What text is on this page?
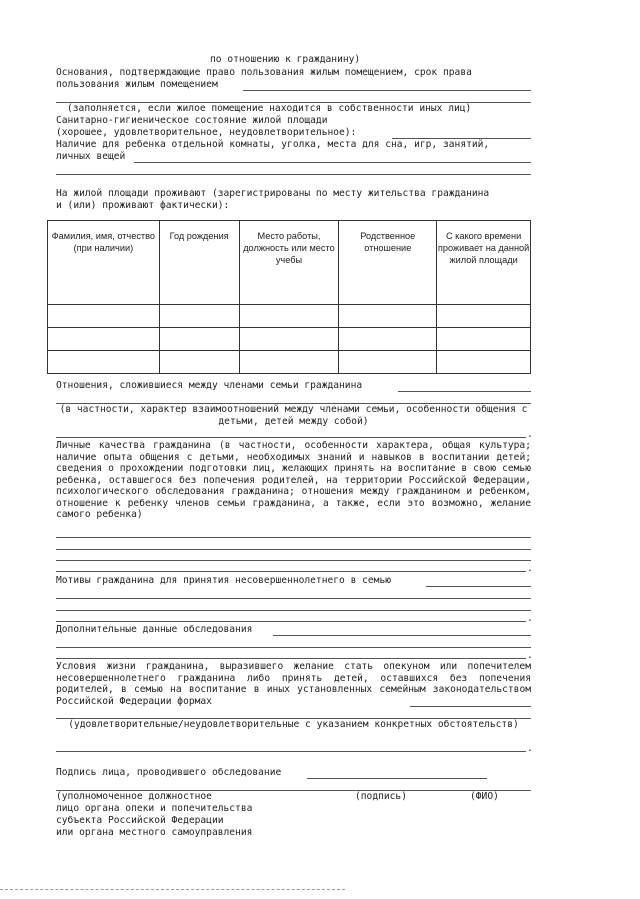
по отношению к гражданину)
Основания, подтверждающие право пользования жилым помещением, срок права
пользования жилым помещением
(заполняется, если жилое помещение находится в собственности иных лиц)
Санитарно-гигиеническое состояние жилой площади
(хорошее, удовлетворительное, неудовлетворительное):
Наличие для ребенка отдельной комнаты, уголка, места для сна, игр, занятий,
личных вещей
На жилой площади проживают (зарегистрированы по месту жительства гражданина
и (или) проживают фактически):
Фамилия, имя, отчество (при наличии)	Год рождения	Место работы, должность или место учебы	Родственное отношение	С какого времени проживает на данной жилой площади

Отношения, сложившиеся между членами семьи гражданина
(в частности, характер взаимоотношений между членами семьи, особенности общения с детьми, детей между собой)
.
Личные качества гражданина (в частности, особенности характера, общая культура; наличие опыта общения с детьми, необходимых знаний и навыков в воспитании детей; сведения о прохождении подготовки лиц, желающих принять на воспитание в свою семью ребенка, оставшегося без попечения родителей, на территории Российской Федерации, психологического обследования гражданина; отношения между гражданином и ребенком, отношение к ребенку членов семьи гражданина, а также, если это возможно, желание самого ребенка)
.
Мотивы гражданина для принятия несовершеннолетнего в семью
.
Дополнительные данные обследования
.
Условия жизни гражданина, выразившего желание стать опекуном или попечителем несовершеннолетнего гражданина либо принять детей, оставшихся без попечения родителей, в семью на воспитание в иных установленных семейным законодательством Российской Федерации формах
(удовлетворительные/неудовлетворительные с указанием конкретных обстоятельств)
.
Подпись лица, проводившего обследование
(уполномоченное должностное	(подпись)	(ФИО)
лицо органа опеки и попечительства
субъекта Российской Федерации
или органа местного самоуправления
